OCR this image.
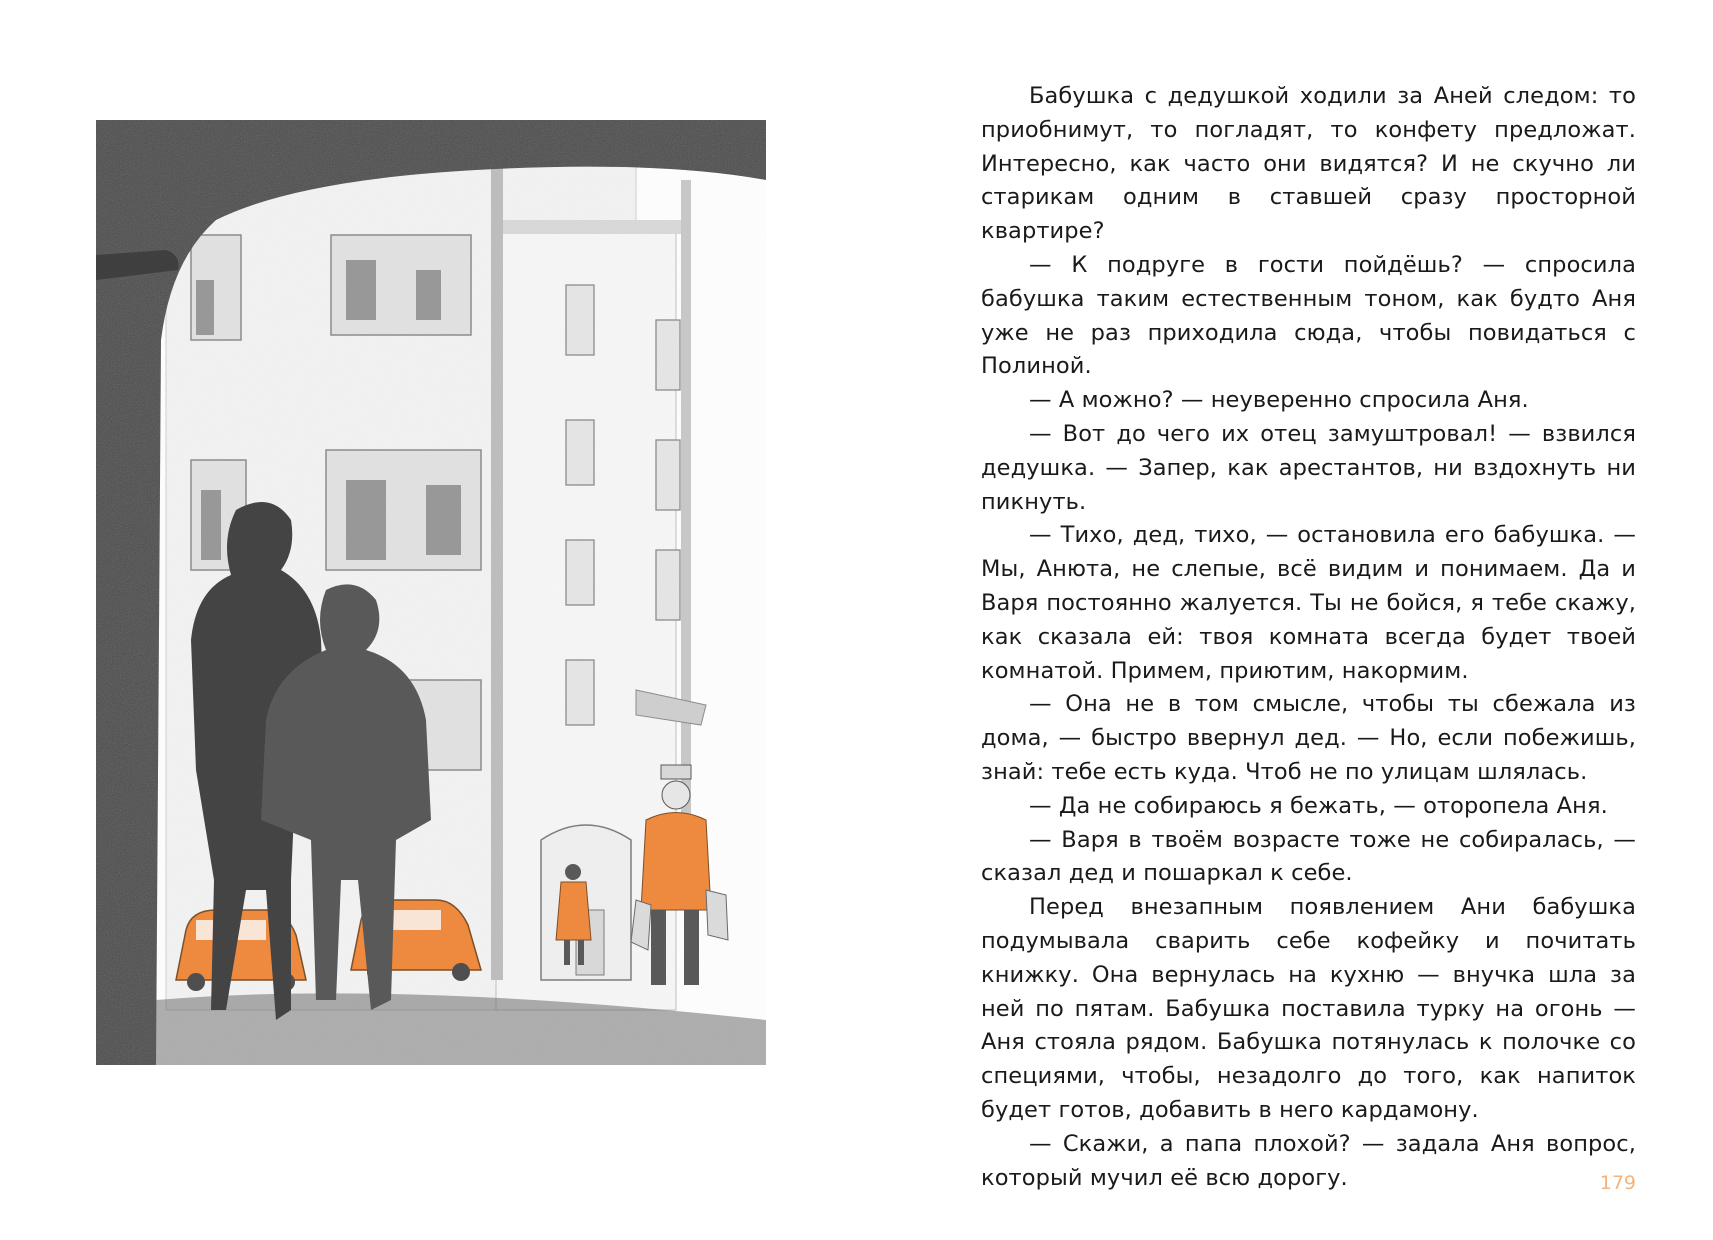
Бабушка с дедушкой ходили за Аней следом: то приобнимут, то погладят, то конфету предложат. Интересно, как часто они видятся? И не скучно ли старикам одним в ставшей сразу просторной квартире?

— К подруге в гости пойдёшь? — спросила бабушка таким естественным тоном, как будто Аня уже не раз приходила сюда, чтобы повидаться с Полиной.

— А можно? — неуверенно спросила Аня.

— Вот до чего их отец замуштровал! — взвился дедушка. — Запер, как арестантов, ни вздохнуть ни пикнуть.

— Тихо, дед, тихо, — остановила его бабушка. — Мы, Анюта, не слепые, всё видим и понимаем. Да и Варя постоянно жалуется. Ты не бойся, я тебе скажу, как сказала ей: твоя комната всегда будет твоей комнатой. Примем, приютим, накормим.

— Она не в том смысле, чтобы ты сбежала из дома, — быстро ввернул дед. — Но, если побежишь, знай: тебе есть куда. Чтоб не по улицам шлялась.

— Да не собираюсь я бежать, — оторопела Аня.

— Варя в твоём возрасте тоже не собиралась, — сказал дед и пошаркал к себе.

Перед внезапным появлением Ани бабушка подумывала сварить себе кофейку и почитать книжку. Она вернулась на кухню — внучка шла за ней по пятам. Бабушка поставила турку на огонь — Аня стояла рядом. Бабушка потянулась к полочке со специями, чтобы, незадолго до того, как напиток будет готов, добавить в него кардамону.

— Скажи, а папа плохой? — задала Аня вопрос, который мучил её всю дорогу.	179
